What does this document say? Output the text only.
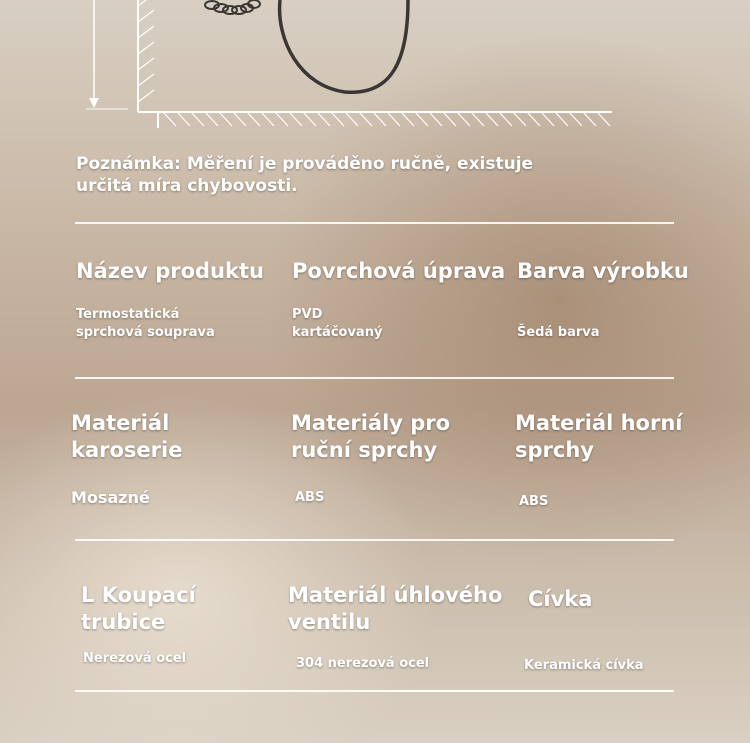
Poznámka: Měření je prováděno ručně, existuje
určitá míra chybovosti.
Název produktu
Termostatická
sprchová souprava
Povrchová úprava
PVD
kartáčovaný
Barva výrobku
Šedá barva
Materiál
karoserie
Mosazné
Materiály pro
ruční sprchy
ABS
Materiál horní
sprchy
ABS
L Koupací
trubice
Nerezová ocel
Materiál úhlového
ventilu
304 nerezová ocel
Cívka
Keramická cívka
